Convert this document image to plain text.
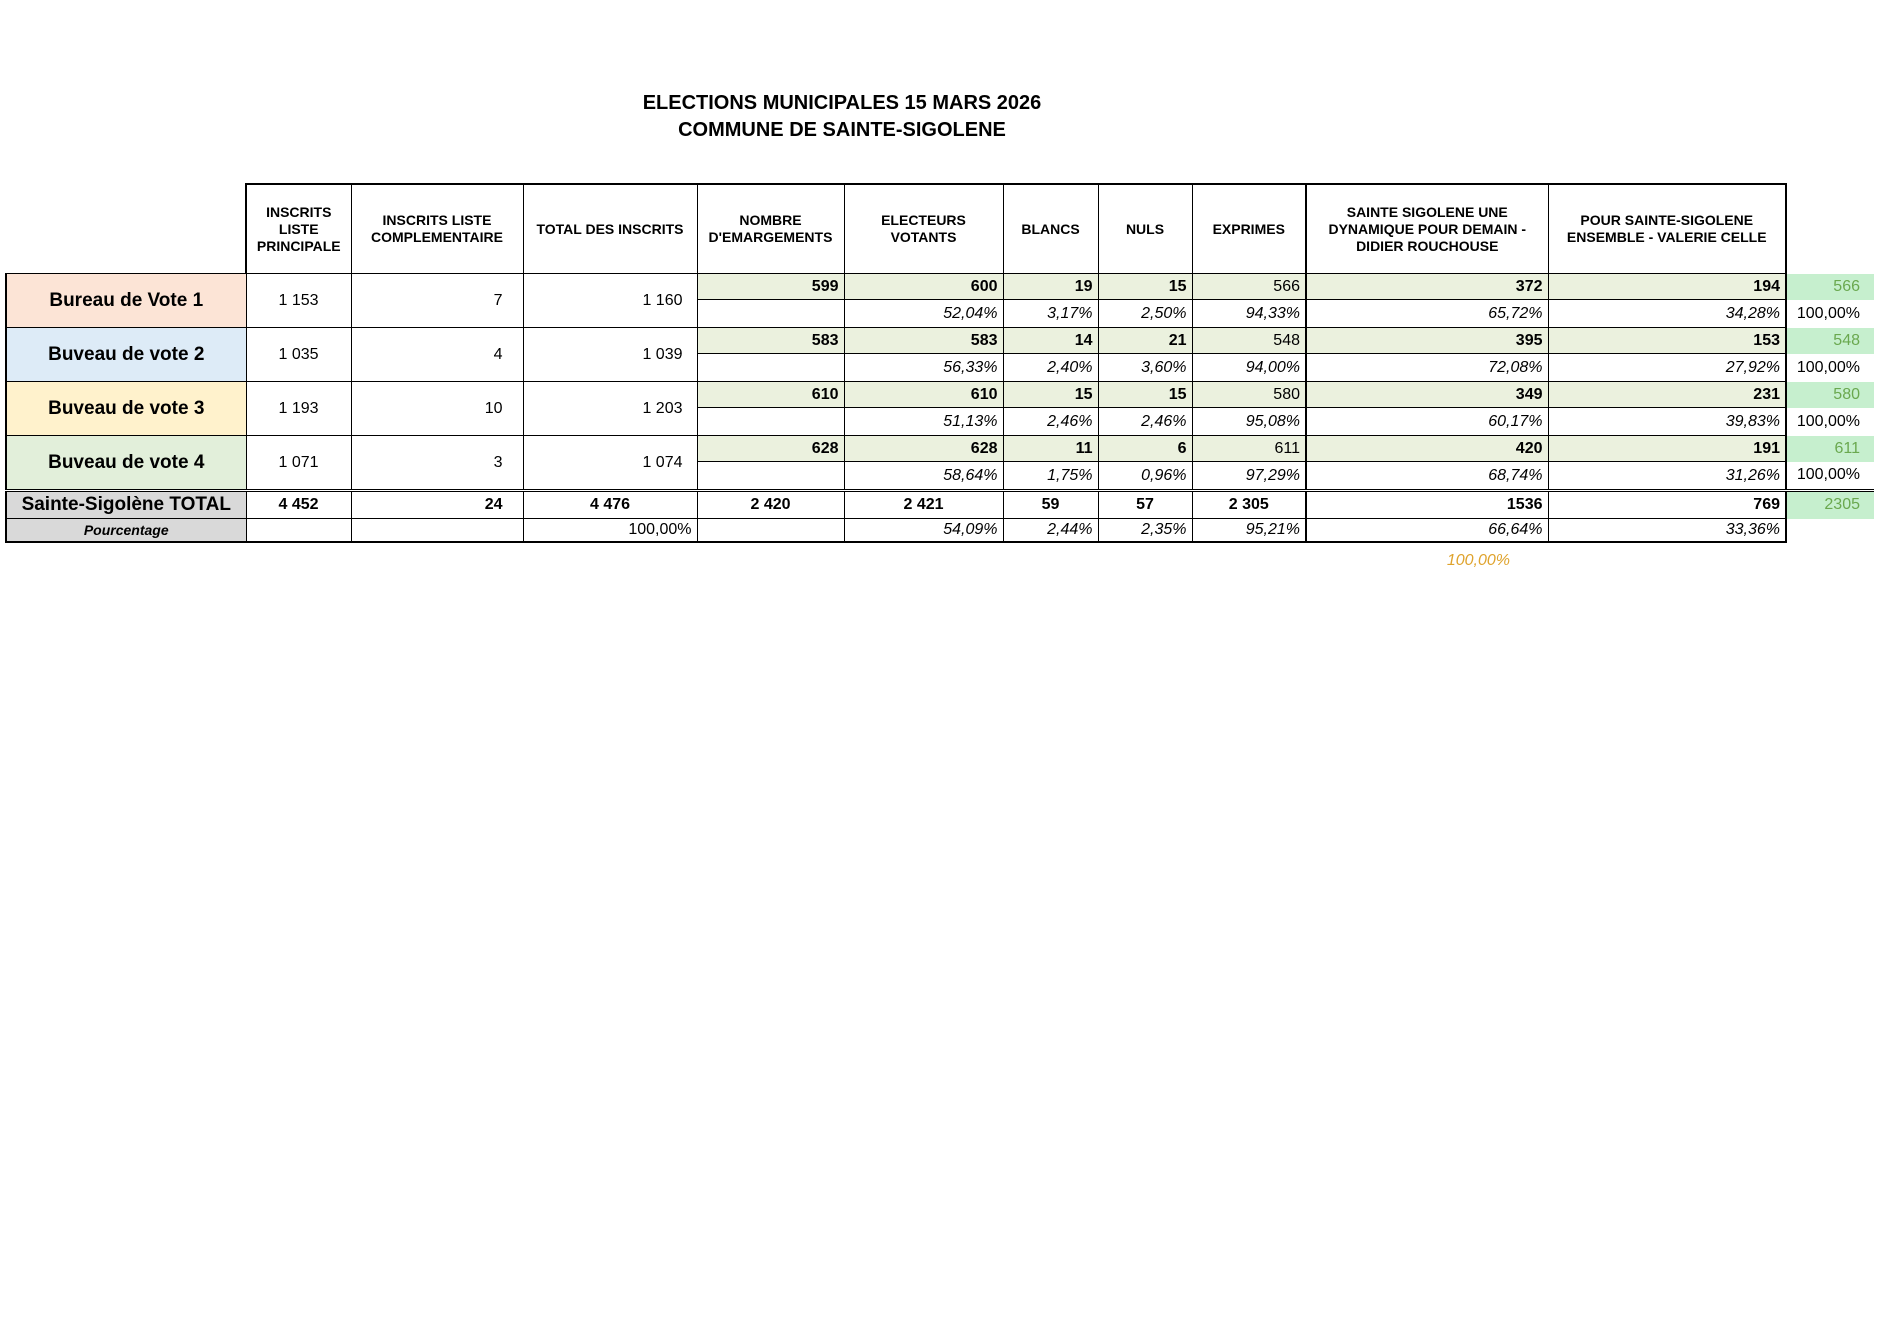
ELECTIONS MUNICIPALES 15 MARS 2026
COMMUNE DE SAINTE-SIGOLENE
	INSCRITS LISTE PRINCIPALE	INSCRITS LISTE COMPLEMENTAIRE	TOTAL DES INSCRITS	NOMBRE D'EMARGEMENTS	ELECTEURS VOTANTS	BLANCS	NULS	EXPRIMES	SAINTE SIGOLENE UNE DYNAMIQUE POUR DEMAIN - DIDIER ROUCHOUSE	POUR SAINTE-SIGOLENE ENSEMBLE - VALERIE CELLE	
Bureau de Vote 1	1 153	7	1 160	599	600	19	15	566	372	194	566
					52,04%	3,17%	2,50%	94,33%	65,72%	34,28%	100,00%
Buveau de vote 2	1 035	4	1 039	583	583	14	21	548	395	153	548
					56,33%	2,40%	3,60%	94,00%	72,08%	27,92%	100,00%
Buveau de vote 3	1 193	10	1 203	610	610	15	15	580	349	231	580
					51,13%	2,46%	2,46%	95,08%	60,17%	39,83%	100,00%
Buveau de vote 4	1 071	3	1 074	628	628	11	6	611	420	191	611
					58,64%	1,75%	0,96%	97,29%	68,74%	31,26%	100,00%
Sainte-Sigolène TOTAL	4 452	24	4 476	2 420	2 421	59	57	2 305	1536	769	2305
Pourcentage			100,00%		54,09%	2,44%	2,35%	95,21%	66,64%	33,36%	
100,00%
